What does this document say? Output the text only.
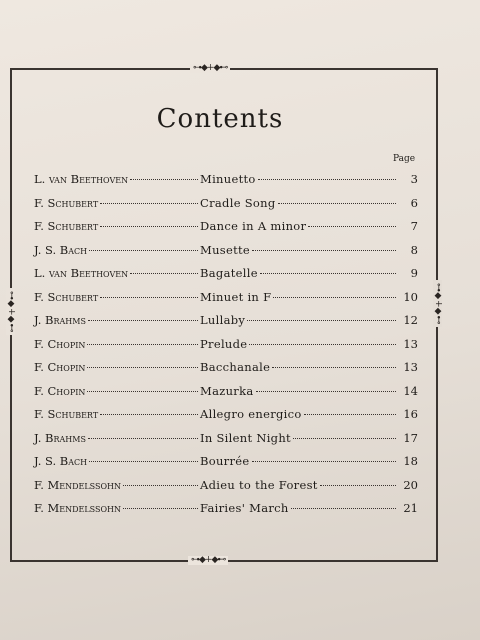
⊶◆+◆⊷
⊶◆+◆⊷
⊶◆+◆⊷	⊶◆+◆⊷
Contents
Page
L. van Beethoven	Minuetto	3
F. Schubert	Cradle Song	6
F. Schubert	Dance in A minor	7
J. S. Bach	Musette	8
L. van Beethoven	Bagatelle	9
F. Schubert	Minuet in F	10
J. Brahms	Lullaby	12
F. Chopin	Prelude	13
F. Chopin	Bacchanale	13
F. Chopin	Mazurka	14
F. Schubert	Allegro energico	16
J. Brahms	In Silent Night	17
J. S. Bach	Bourrée	18
F. Mendelssohn	Adieu to the Forest	20
F. Mendelssohn	Fairies' March	21
